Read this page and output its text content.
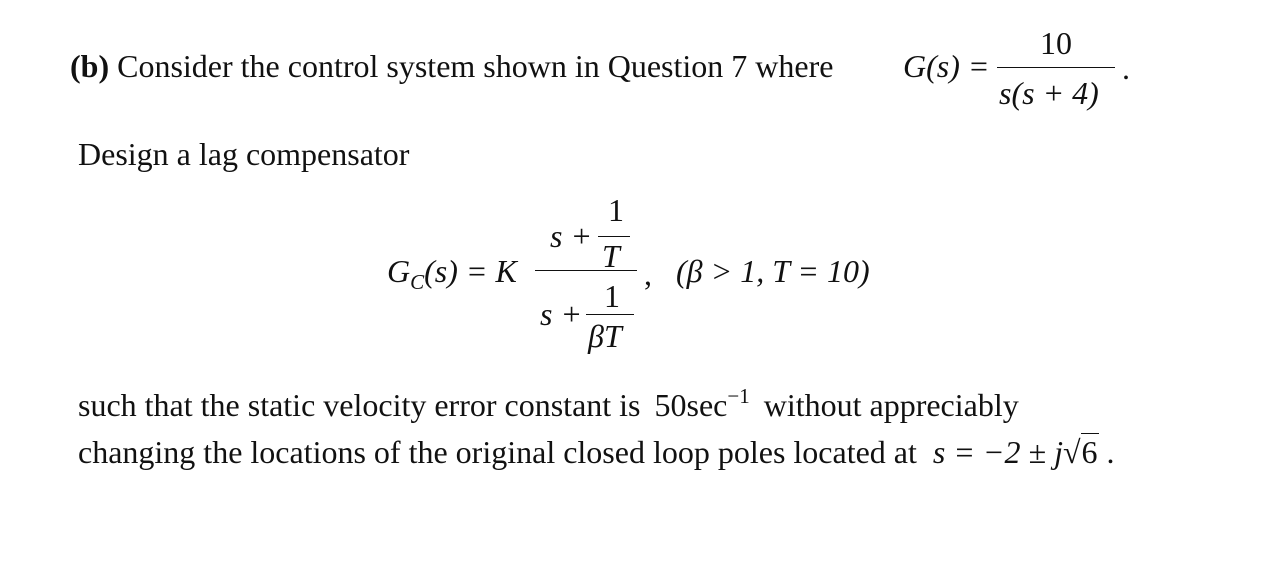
(b) Consider the control system shown in Question 7 where G(s) =
10
s(s + 4)
.
Design a lag compensator
$G_C(s) = K$
s +
1
T
s + 1
βT
, (β > 1, T = 10)
such that the static velocity error constant is $50\sec^{-1}$ without appreciably
changing the locations of the original closed loop poles located at s = −2 ± j√6 .
